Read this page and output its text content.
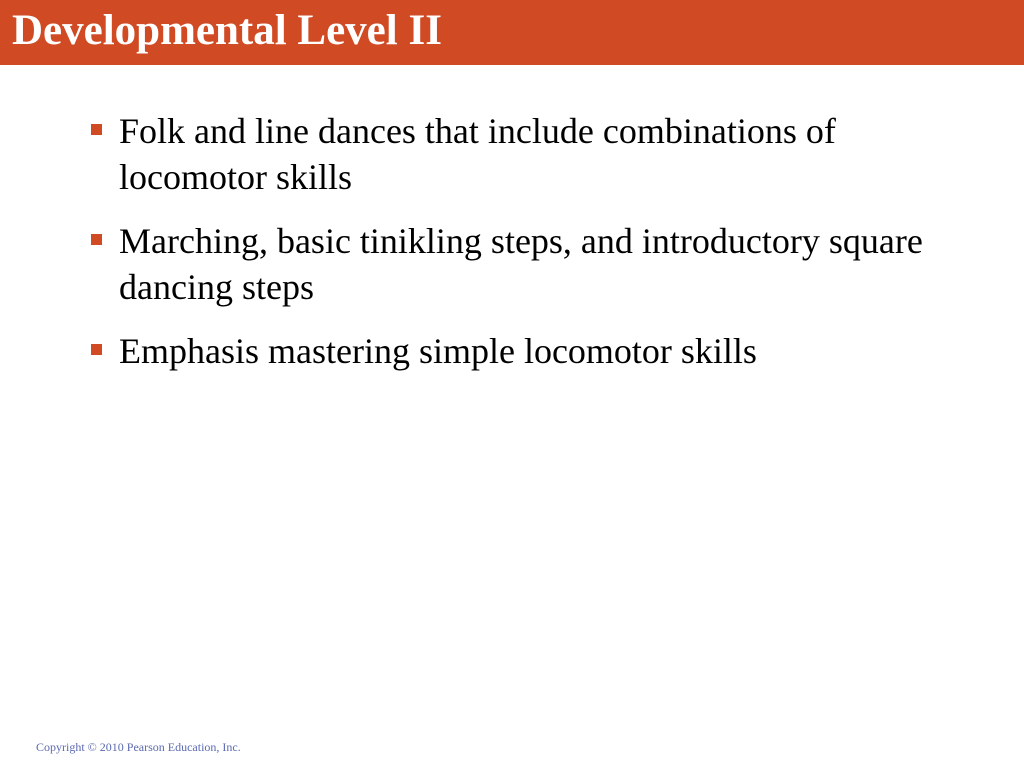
Developmental Level II
Folk and line dances that include combinations of locomotor skills
Marching, basic tinikling steps, and introductory square dancing steps
Emphasis mastering simple locomotor skills

Copyright © 2010 Pearson Education, Inc.
